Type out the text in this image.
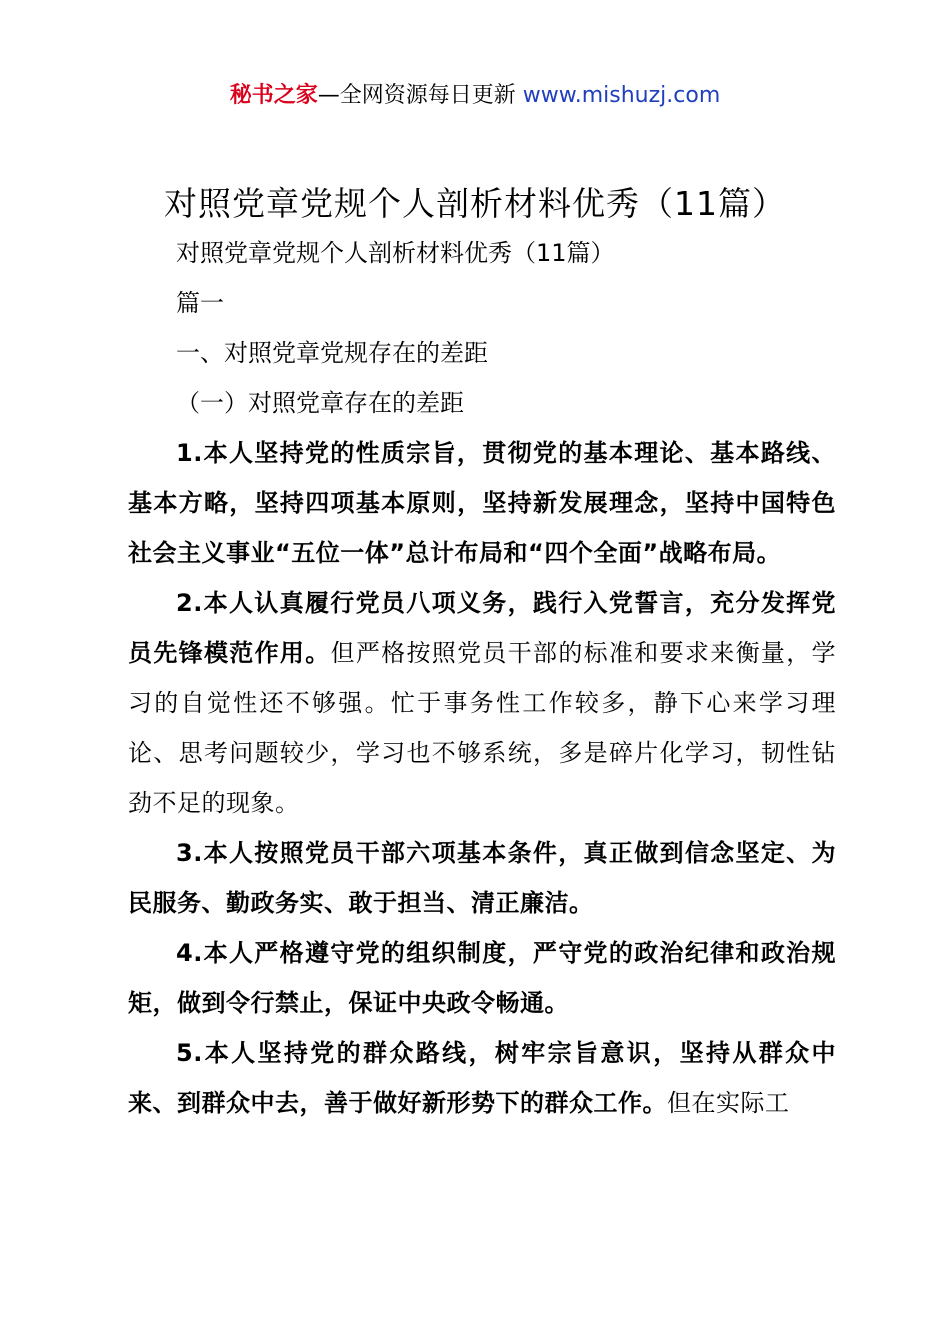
秘书之家—全网资源每日更新 www.mishuzj.com
对照党章党规个人剖析材料优秀（11篇）

对照党章党规个人剖析材料优秀（11篇）

篇一

一、对照党章党规存在的差距

（一）对照党章存在的差距

1.本人坚持党的性质宗旨，贯彻党的基本理论、基本路线、基本方略，坚持四项基本原则，坚持新发展理念，坚持中国特色社会主义事业“五位一体”总计布局和“四个全面”战略布局。

2.本人认真履行党员八项义务，践行入党誓言，充分发挥党员先锋模范作用。但严格按照党员干部的标准和要求来衡量，学习的自觉性还不够强。忙于事务性工作较多，静下心来学习理论、思考问题较少，学习也不够系统，多是碎片化学习，韧性钻劲不足的现象。

3.本人按照党员干部六项基本条件，真正做到信念坚定、为民服务、勤政务实、敢于担当、清正廉洁。

4.本人严格遵守党的组织制度，严守党的政治纪律和政治规矩，做到令行禁止，保证中央政令畅通。

5.本人坚持党的群众路线，树牢宗旨意识，坚持从群众中来、到群众中去，善于做好新形势下的群众工作。但在实际工
